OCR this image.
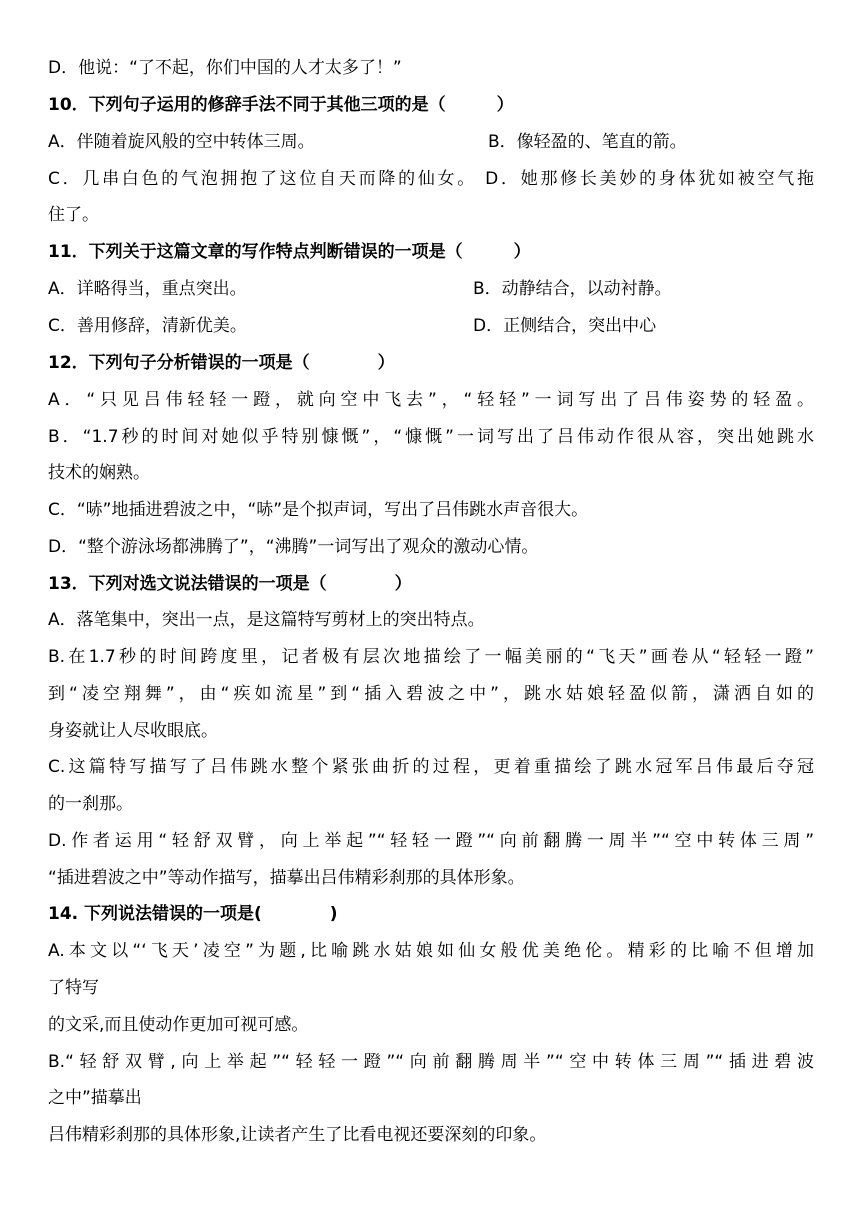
D．他说：“了不起，你们中国的人才太多了！”
10．下列句子运用的修辞手法不同于其他三项的是（　　　）
A．伴随着旋风般的空中转体三周。	B．像轻盈的、笔直的箭。
C．几串白色的气泡拥抱了这位自天而降的仙女。 D．她那修长美妙的身体犹如被空气拖
住了。
11．下列关于这篇文章的写作特点判断错误的一项是（　　　）
A．详略得当，重点突出。	B．动静结合，以动衬静。
C．善用修辞，清新优美。	D．正侧结合，突出中心
12．下列句子分析错误的一项是（　　　　）
A．“只见吕伟轻轻一蹬，就向空中飞去”，“轻轻”一词写出了吕伟姿势的轻盈。
B．“1.7秒的时间对她似乎特别慷慨”，“慷慨”一词写出了吕伟动作很从容，突出她跳水
技术的娴熟。
C．“哧”地插进碧波之中，“哧”是个拟声词，写出了吕伟跳水声音很大。
D．“整个游泳场都沸腾了”，“沸腾”一词写出了观众的激动心情。
13．下列对选文说法错误的一项是（　　　　）
A．落笔集中，突出一点，是这篇特写剪材上的突出特点。
B.在1.7秒的时间跨度里，记者极有层次地描绘了一幅美丽的“飞天”画卷从“轻轻一蹬”
到“凌空翔舞”，由“疾如流星”到“插入碧波之中”，跳水姑娘轻盈似箭，潇洒自如的
身姿就让人尽收眼底。
C.这篇特写描写了吕伟跳水整个紧张曲折的过程，更着重描绘了跳水冠军吕伟最后夺冠
的一刹那。
D.作者运用“轻舒双臂，向上举起”“轻轻一蹬”“向前翻腾一周半”“空中转体三周”
“插进碧波之中”等动作描写，描摹出吕伟精彩刹那的具体形象。
14. 下列说法错误的一项是(　　　　)
A.本文以“‘飞天’凌空”为题,比喻跳水姑娘如仙女般优美绝伦。精彩的比喻不但增加
了特写
的文采,而且使动作更加可视可感。
B.“轻舒双臂,向上举起”“轻轻一蹬”“向前翻腾周半”“空中转体三周”“插进碧波
之中”描摹出
吕伟精彩刹那的具体形象,让读者产生了比看电视还要深刻的印象。
